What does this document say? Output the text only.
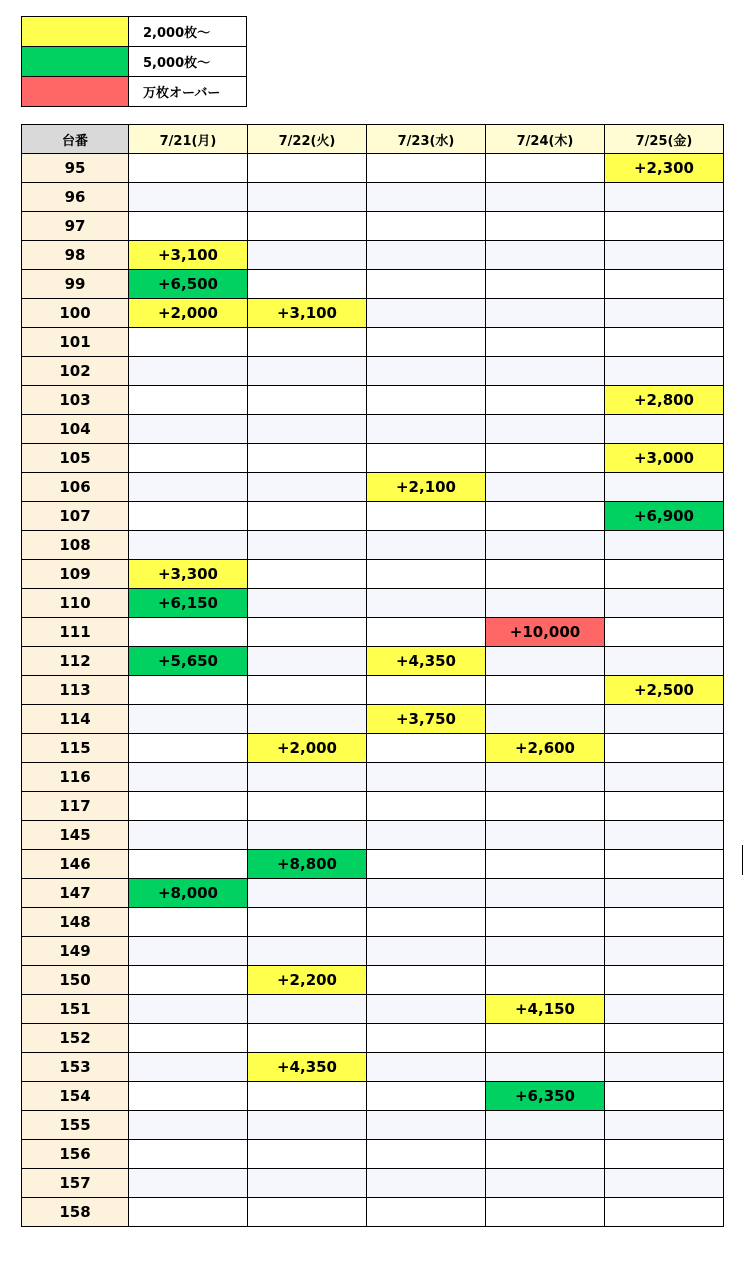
	2,000枚〜
	5,000枚〜
	万枚オーバー
台番	7/21(月)	7/22(火)	7/23(水)	7/24(木)	7/25(金)
95					+2,300
96					
97					
98	+3,100				
99	+6,500				
100	+2,000	+3,100			
101					
102					
103					+2,800
104					
105					+3,000
106			+2,100		
107					+6,900
108					
109	+3,300				
110	+6,150				
111				+10,000	
112	+5,650		+4,350		
113					+2,500
114			+3,750		
115		+2,000		+2,600	
116					
117					
145					
146		+8,800			
147	+8,000				
148					
149					
150		+2,200			
151				+4,150	
152					
153		+4,350			
154				+6,350	
155					
156					
157					
158					
